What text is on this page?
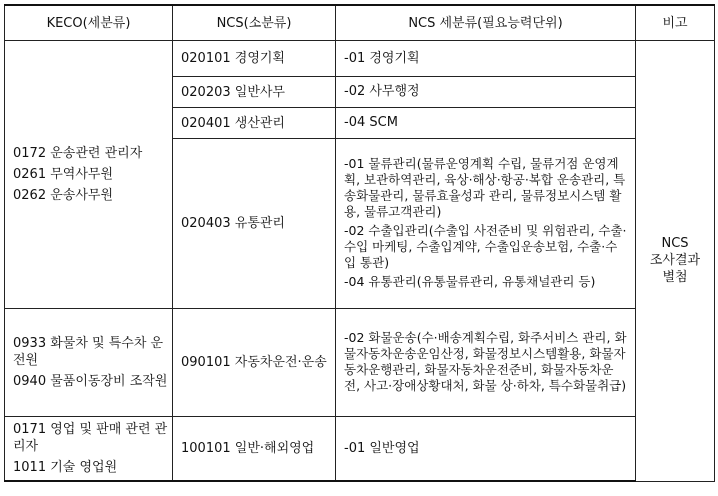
KECO(세분류)	NCS(소분류)	NCS 세분류(필요능력단위)	비고

0172 운송관련 관리자
0261 무역사무원
0262 운송사무원	020101 경영기획	-01 경영기획	NCS
조사결과
별첨

	020203 일반사무	-02 사무행정	

	020401 생산관리	-04 SCM	

	020403 유통관리	-01 물류관리(물류운영계획 수립, 물류거점 운영계획, 보관하역관리, 육상·해상·항공·복합 운송관리, 특송화물관리, 물류효율성과 관리, 물류정보시스템 활용, 물류고객관리)
-02 수출입관리(수출입 사전준비 및 위험관리, 수출·수입 마케팅, 수출입계약, 수출입운송보험, 수출·수입 통관)
-04 유통관리(유통물류관리, 유통채널관리 등)	

0933 화물차 및 특수차 운전원
0940 물품이동장비 조작원	090101 자동차운전·운송	-02 화물운송(수·배송계획수립, 화주서비스 관리, 화물자동차운송운임산정, 화물정보시스템활용, 화물자동차운행관리, 화물자동차운전준비, 화물자동차운전, 사고·장애상황대처, 화물 상·하차, 특수화물취급)	

0171 영업 및 판매 관련 관리자
1011 기술 영업원	100101 일반·해외영업	-01 일반영업	
